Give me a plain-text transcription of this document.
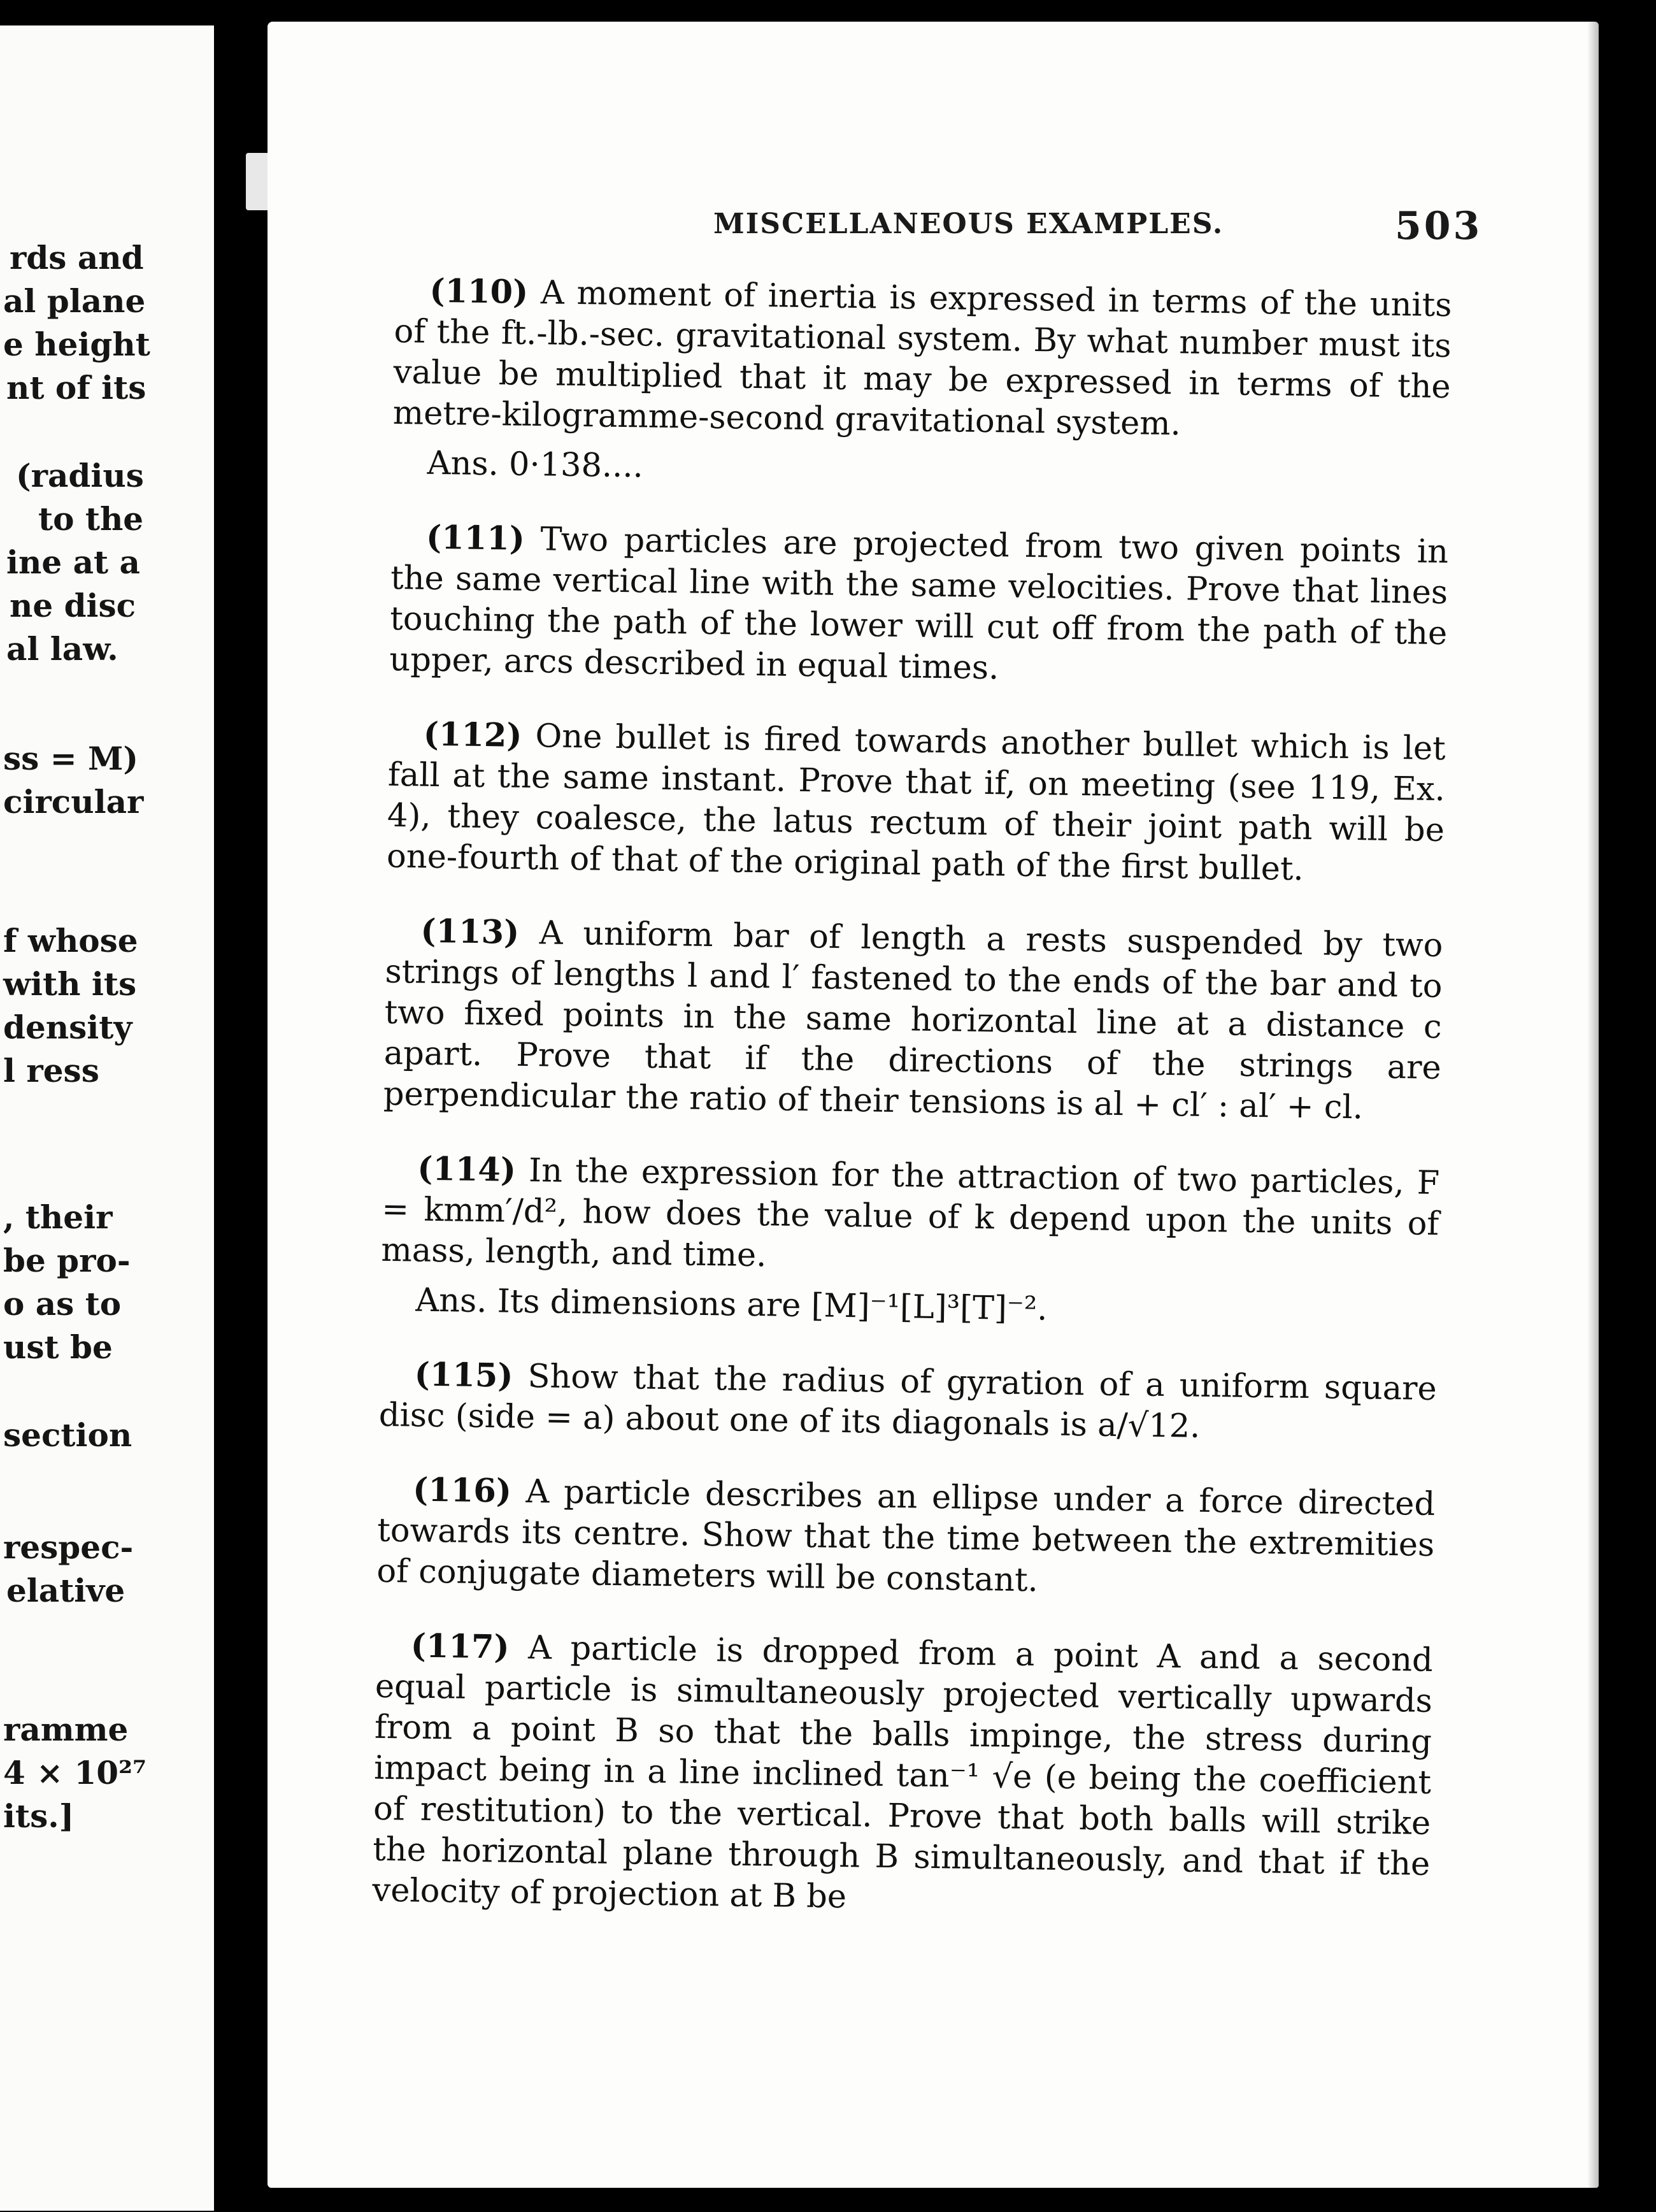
rds and
al plane
e height
nt of its
(radius
to the
ine at a
ne disc
al law.
ss = M)
circular
f whose
with its
density
l ress
, their
be pro-
o as to
ust be
section
respec-
elative
ramme
4 × 10²⁷
its.]
MISCELLANEOUS EXAMPLES.	503

(110) A moment of inertia is expressed in terms of the units of the ft.-lb.-sec. gravitational system. By what number must its value be multiplied that it may be expressed in terms of the metre-kilogramme-second gravitational system.

Ans. 0·138....

(111) Two particles are projected from two given points in the same vertical line with the same velocities. Prove that lines touching the path of the lower will cut off from the path of the upper, arcs described in equal times.

(112) One bullet is fired towards another bullet which is let fall at the same instant. Prove that if, on meeting (see 119, Ex. 4), they coalesce, the latus rectum of their joint path will be one-fourth of that of the original path of the first bullet.

(113) A uniform bar of length a rests suspended by two strings of lengths l and l′ fastened to the ends of the bar and to two fixed points in the same horizontal line at a distance c apart. Prove that if the directions of the strings are perpendicular the ratio of their tensions is al + cl′ : al′ + cl.

(114) In the expression for the attraction of two particles, F = kmm′/d², how does the value of k depend upon the units of mass, length, and time.

Ans. Its dimensions are [M]⁻¹[L]³[T]⁻².

(115) Show that the radius of gyration of a uniform square disc (side = a) about one of its diagonals is a/√12.

(116) A particle describes an ellipse under a force directed towards its centre. Show that the time between the extremities of conjugate diameters will be constant.

(117) A particle is dropped from a point A and a second equal particle is simultaneously projected vertically upwards from a point B so that the balls impinge, the stress during impact being in a line inclined tan⁻¹ √e (e being the coefficient of restitution) to the vertical. Prove that both balls will strike the horizontal plane through B simultaneously, and that if the velocity of projection at B be
